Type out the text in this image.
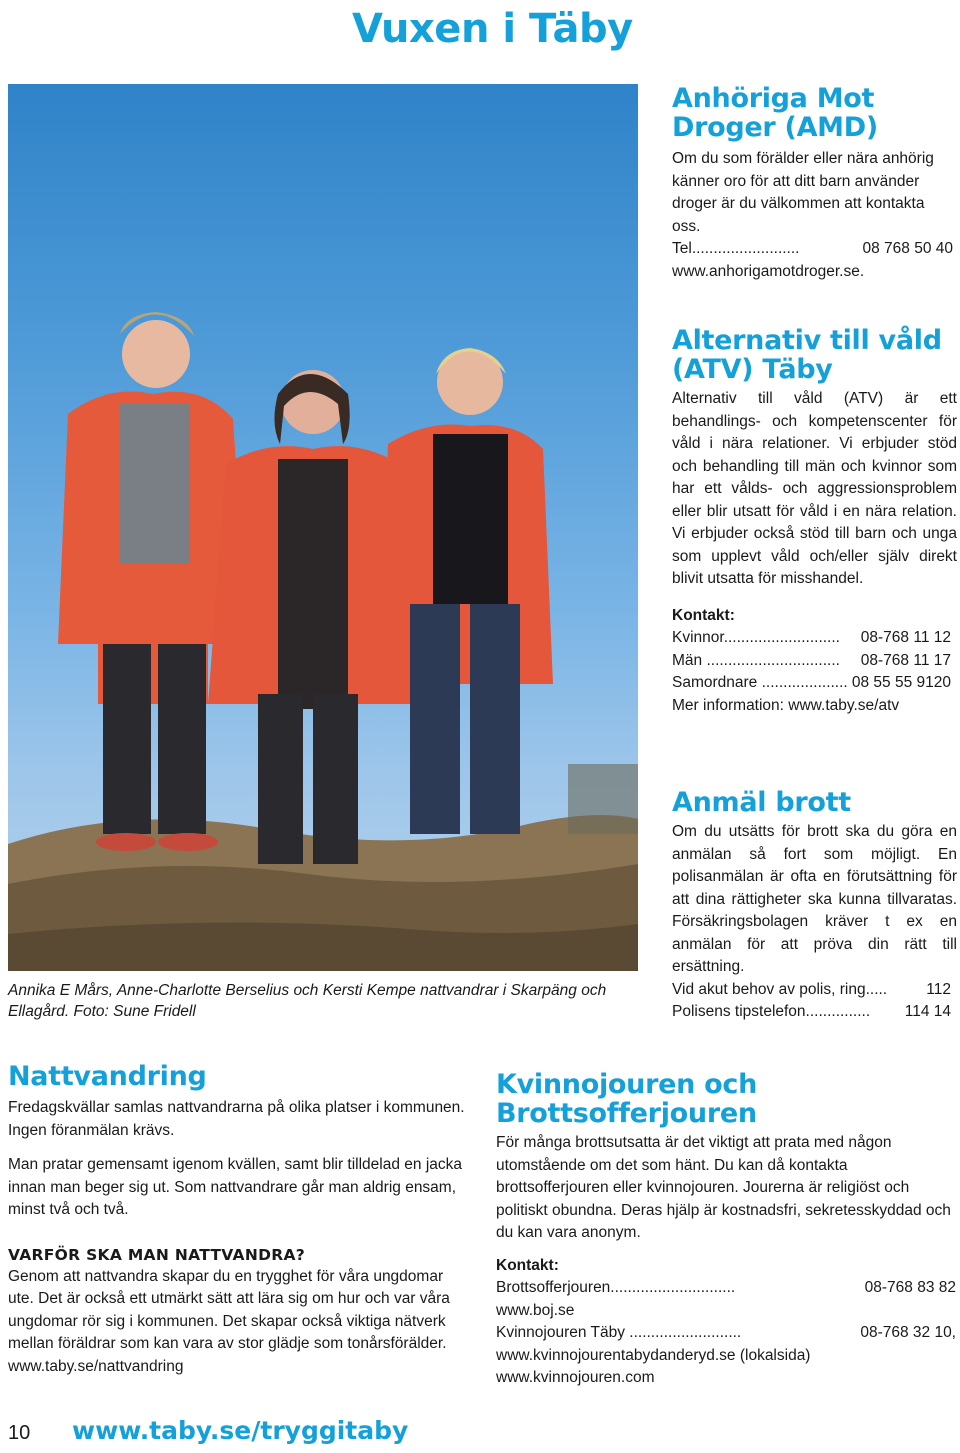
Vuxen i Täby
Annika E Mårs, Anne-Charlotte Berselius och Kersti Kempe nattvandrar i Skarpäng och Ellagård. Foto: Sune Fridell
Anhöriga Mot
Droger (AMD)

Om du som förälder eller nära anhörig känner oro för att ditt barn använder droger är du välkommen att kontakta oss.

Tel.........................	08 768 50 40

www.anhorigamotdroger.se.

Alternativ till våld
(ATV) Täby

Alternativ till våld (ATV) är ett behandlings- och kompetenscenter för våld i nära relationer. Vi erbjuder stöd och behandling till män och kvinnor som har ett vålds- och aggressionsproblem eller blir utsatt för våld i en nära relation. Vi erbjuder också stöd till barn och unga som upplevt våld och/eller själv direkt blivit utsatta för misshandel.

Kontakt:

Kvinnor...........................	08-768 11 12
Män ...............................	08-768 11 17
Samordnare .................... 08 55 55 9120

Mer information: www.taby.se/atv

Anmäl brott

Om du utsätts för brott ska du göra en anmälan så fort som möjligt. En polisanmälan är ofta en förutsättning för att dina rättigheter ska kunna tillvaratas. Försäkringsbolagen kräver t ex en anmälan för att pröva din rätt till ersättning.

Vid akut behov av polis, ring.....	112
Polisens tipstelefon...............	114 14
Nattvandring

Fredagskvällar samlas nattvandrarna på olika platser i kommunen. Ingen föranmälan krävs.

Man pratar gemensamt igenom kvällen, samt blir tilldelad en jacka innan man beger sig ut. Som nattvandrare går man aldrig ensam, minst två och två.

VARFÖR SKA MAN NATTVANDRA?

Genom att nattvandra skapar du en trygghet för våra ungdomar ute. Det är också ett utmärkt sätt att lära sig om hur och var våra ungdomar rör sig i kommunen. Det skapar också viktiga nätverk mellan föräldrar som kan vara av stor glädje som tonårsförälder. www.taby.se/nattvandring

Kvinnojouren och
Brottsofferjouren

För många brottsutsatta är det viktigt att prata med någon utomstående om det som hänt. Du kan då kontakta brottsofferjouren eller kvinnojouren. Jourerna är religiöst och politiskt obundna. Deras hjälp är kostnadsfri, sekretesskyddad och du kan vara anonym.

Kontakt:

Brottsofferjouren.............................	08-768 83 82

www.boj.se

Kvinnojouren Täby ..........................	08-768 32 10,

www.kvinnojourentabydanderyd.se (lokalsida)

www.kvinnojouren.com

10 www.taby.se/tryggitaby
